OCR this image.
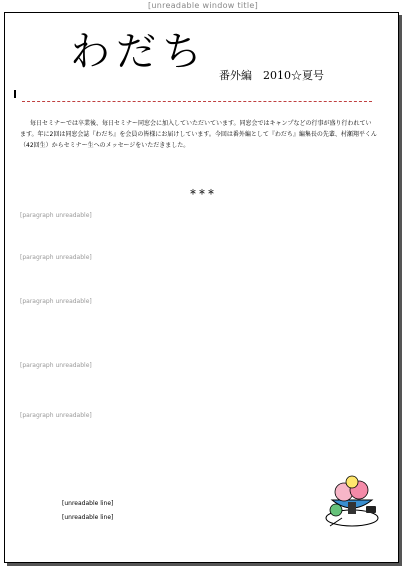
[unreadable window title]
わだち
番外編　2010☆夏号

毎日セミナーでは卒業後、毎日セミナー同窓会に加入していただいています。同窓会ではキャンプなどの行事が盛り行われています。年に2回は同窓会誌『わだち』を会員の皆様にお届けしています。今回は番外編として『わだち』編集長の先輩、村瀬翔平くん（42回生）からセミナー生へのメッセージをいただきました。

＊＊＊

[paragraph unreadable]

[paragraph unreadable]

[paragraph unreadable]

[paragraph unreadable]

[paragraph unreadable]

[unreadable line]
[unreadable line]
